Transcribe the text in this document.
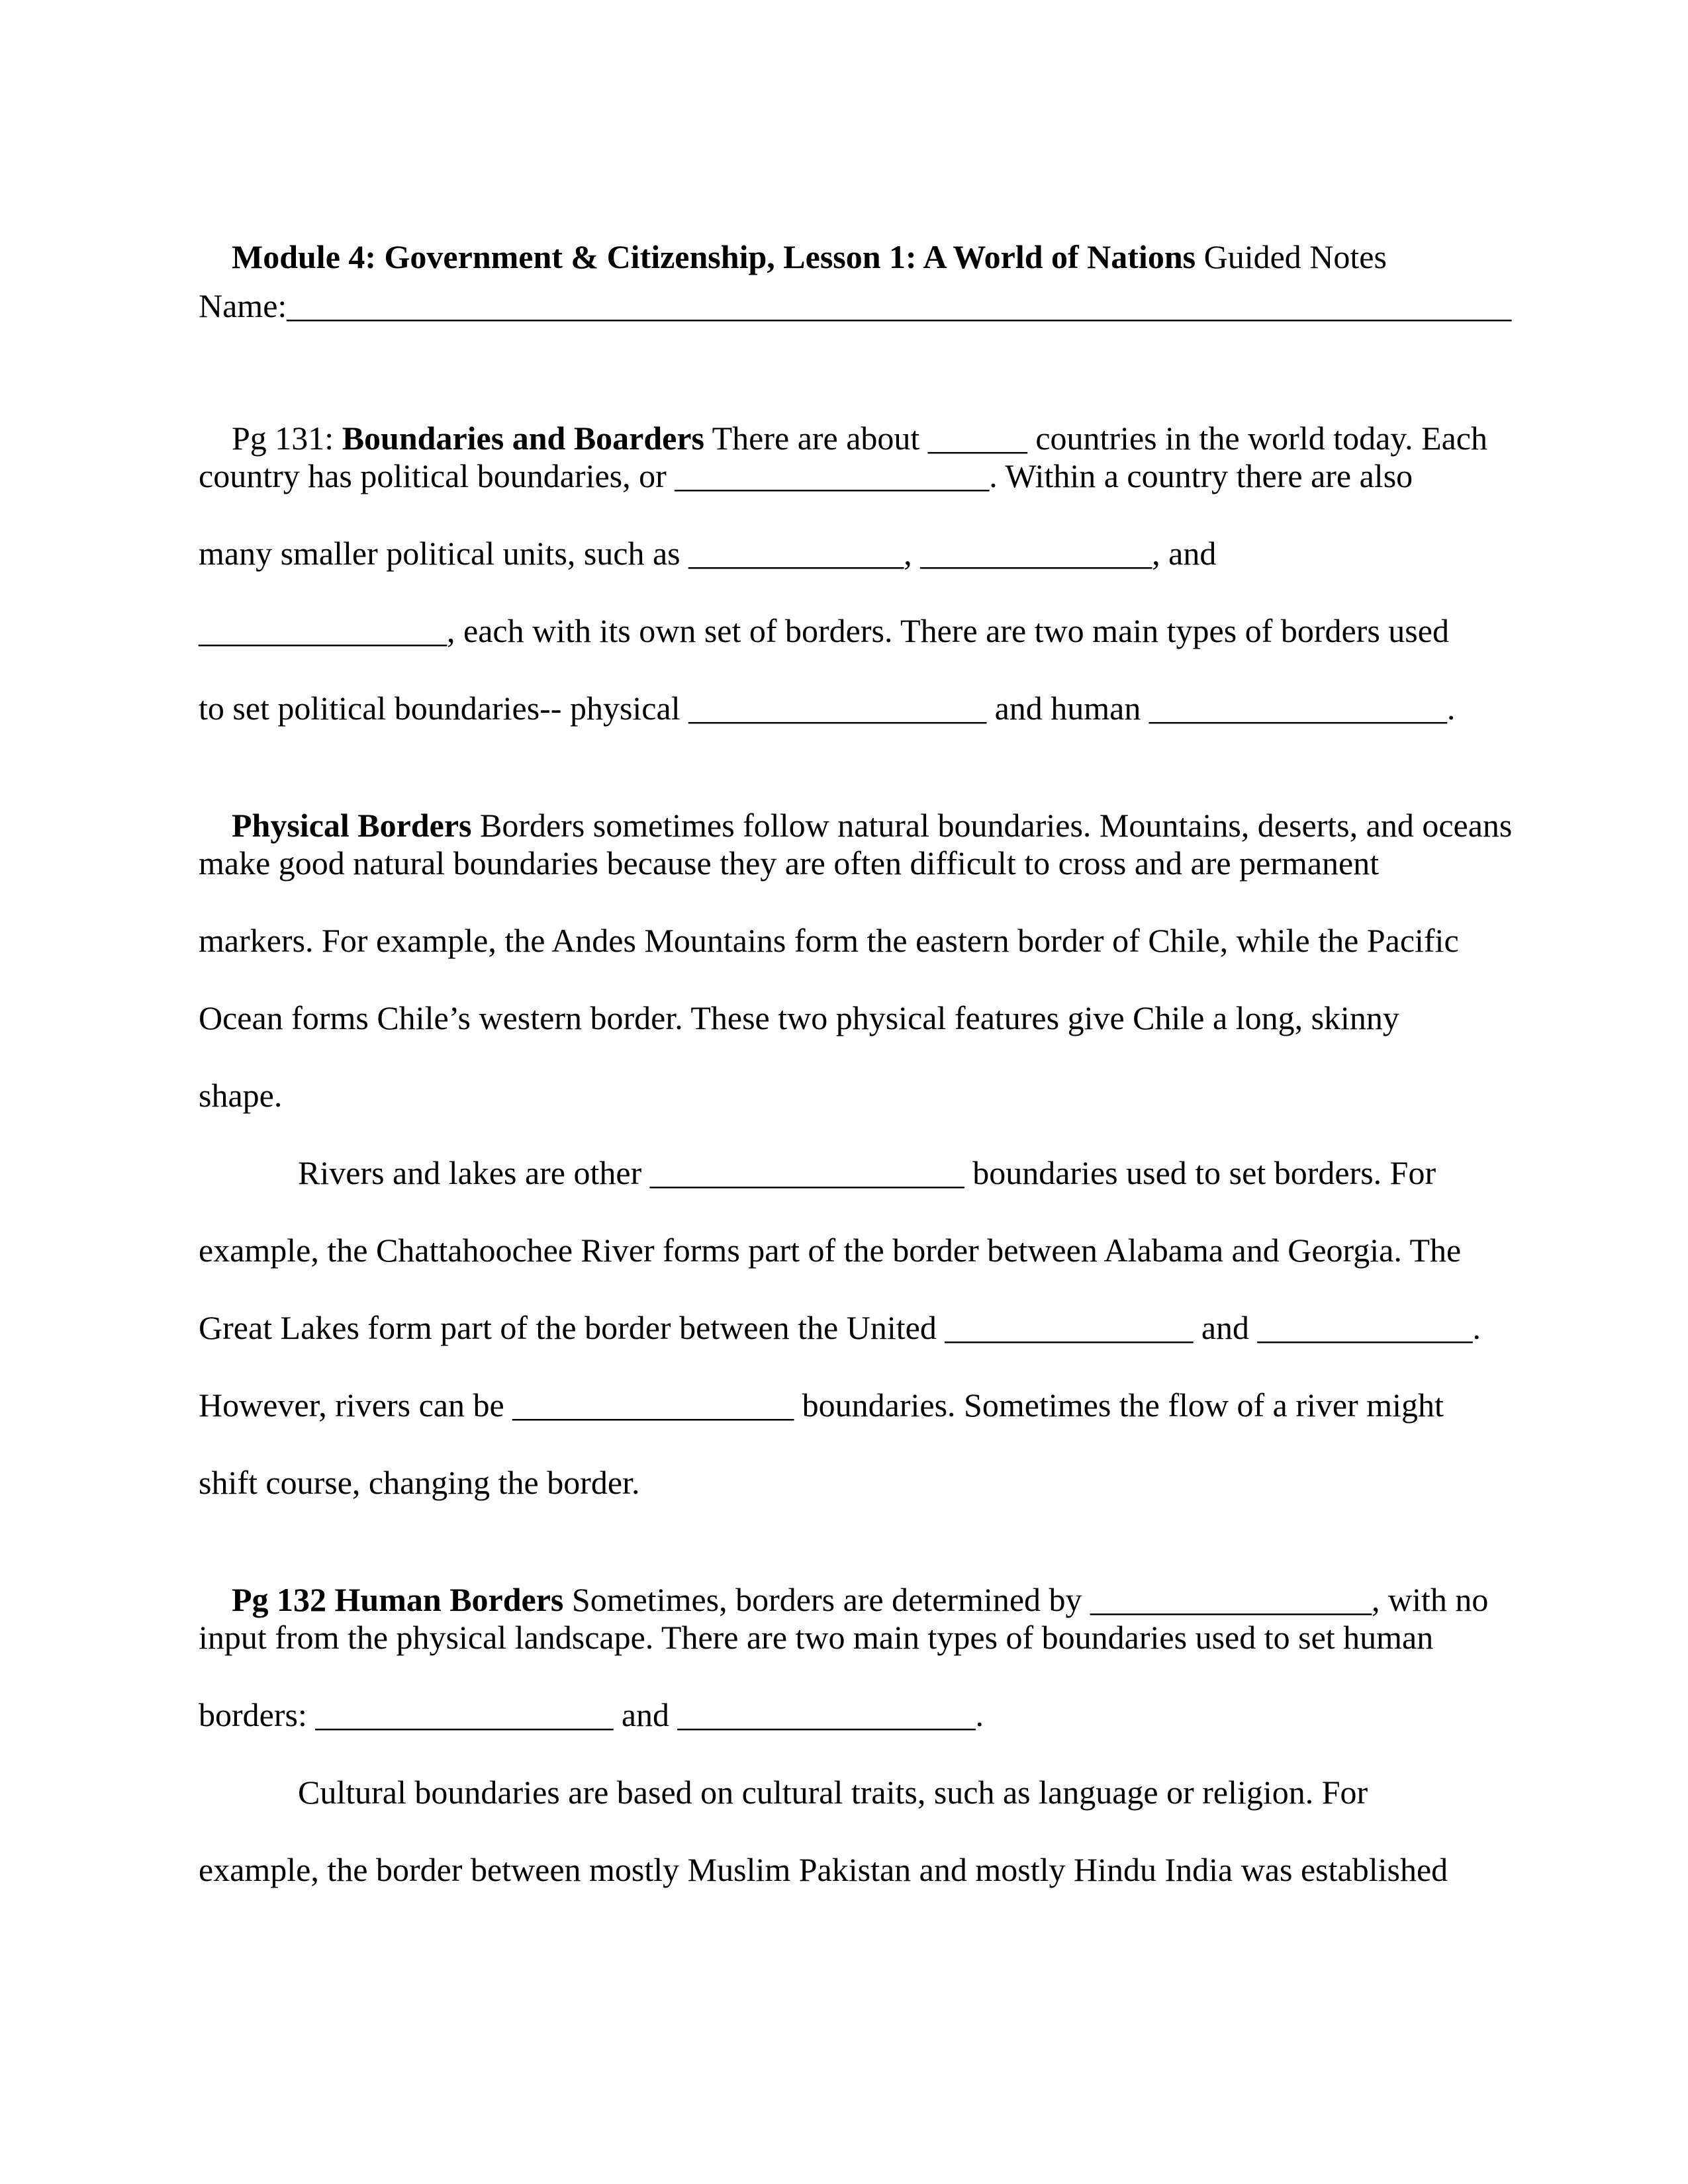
Module 4: Government & Citizenship, Lesson 1: A World of Nations Guided Notes

Name:__________________________________________________________________________

Pg 131: Boundaries and Boarders There are about ______ countries in the world today. Each

country has political boundaries, or ___________________. Within a country there are also
many smaller political units, such as _____________, ______________, and
_______________, each with its own set of borders. There are two main types of borders used
to set political boundaries-- physical __________________ and human __________________.

Physical Borders Borders sometimes follow natural boundaries. Mountains, deserts, and oceans

make good natural boundaries because they are often difficult to cross and are permanent
markers. For example, the Andes Mountains form the eastern border of Chile, while the Pacific
Ocean forms Chile’s western border. These two physical features give Chile a long, skinny
shape.
Rivers and lakes are other ___________________ boundaries used to set borders. For
example, the Chattahoochee River forms part of the border between Alabama and Georgia. The
Great Lakes form part of the border between the United _______________ and _____________.
However, rivers can be _________________ boundaries. Sometimes the flow of a river might
shift course, changing the border.

Pg 132 Human Borders Sometimes, borders are determined by _________________, with no

input from the physical landscape. There are two main types of boundaries used to set human
borders: __________________ and __________________.
Cultural boundaries are based on cultural traits, such as language or religion. For
example, the border between mostly Muslim Pakistan and mostly Hindu India was established
